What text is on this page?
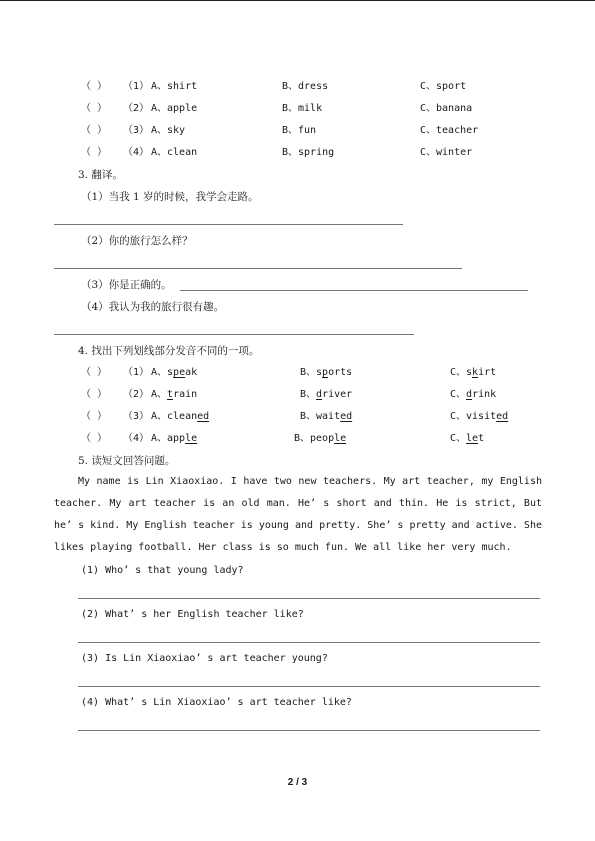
（ ） （1） A、shirt	B、dress	C、sport
（ ） （2） A、apple	B、milk	C、banana
（ ） （3） A、sky	B、fun	C、teacher
（ ） （4） A、clean	B、spring	C、winter
3. 翻译。
（1）当我 1 岁的时候，我学会走路。
（2）你的旅行怎么样？
（3）你是正确的。
（4）我认为我的旅行很有趣。
4. 找出下列划线部分发音不同的一项。
（ ） （1） A、speak	B、sports	C、skirt
（ ） （2） A、train	B、driver	C、drink
（ ） （3） A、cleaned	B、waited	C、visited
（ ） （4） A、apple	B、people	C、let
5. 读短文回答问题。
My name is Lin Xiaoxiao. I have two new teachers. My art teacher, my English teacher. My art teacher is an old man. He’ s short and thin. He is strict, But he’ s kind. My English teacher is young and pretty. She’ s pretty and active. She likes playing football. Her class is so much fun. We all like her very much.
(1) Who’ s that young lady?
(2) What’ s her English teacher like?
(3) Is Lin Xiaoxiao’ s art teacher young?
(4) What’ s Lin Xiaoxiao’ s art teacher like?
2 / 3
